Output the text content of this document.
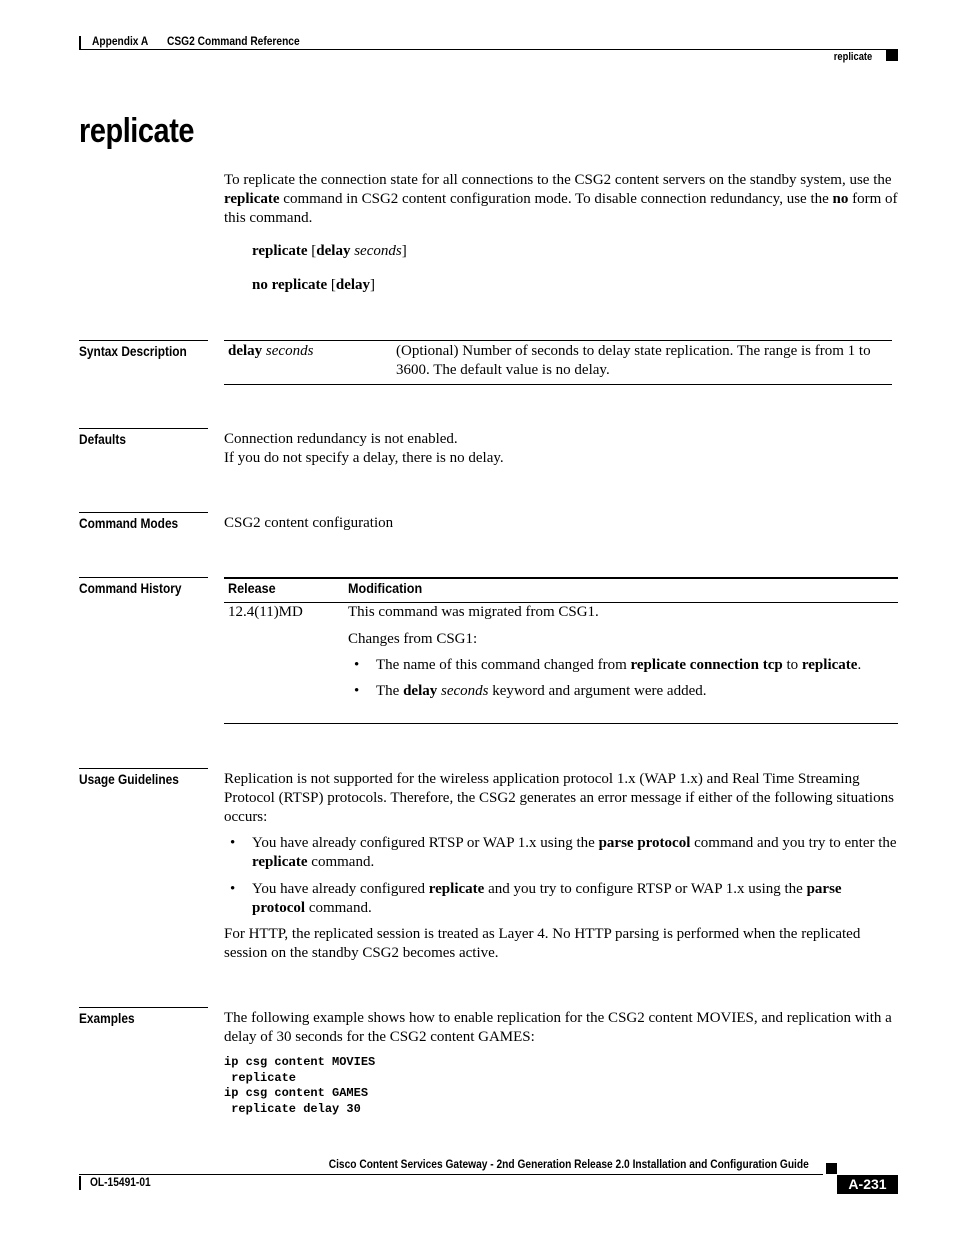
Appendix A CSG2 Command Reference
replicate
replicate
To replicate the connection state for all connections to the CSG2 content servers on the standby system, use the replicate command in CSG2 content configuration mode. To disable connection redundancy, use the no form of this command.
replicate [delay seconds]
no replicate [delay]
Syntax Description	delay seconds	(Optional) Number of seconds to delay state replication. The range is from 1 to 3600. The default value is no delay.
Defaults	Connection redundancy is not enabled.
If you do not specify a delay, there is no delay.
Command Modes	CSG2 content configuration
Command History	Release	Modification
12.4(11)MD	This command was migrated from CSG1.
Changes from CSG1:
• The name of this command changed from replicate connection tcp to replicate.
• The delay seconds keyword and argument were added.
Usage Guidelines	Replication is not supported for the wireless application protocol 1.x (WAP 1.x) and Real Time Streaming Protocol (RTSP) protocols. Therefore, the CSG2 generates an error message if either of the following situations occurs:
• You have already configured RTSP or WAP 1.x using the parse protocol command and you try to enter the replicate command.
• You have already configured replicate and you try to configure RTSP or WAP 1.x using the parse protocol command.
For HTTP, the replicated session is treated as Layer 4. No HTTP parsing is performed when the replicated session on the standby CSG2 becomes active.
Examples	The following example shows how to enable replication for the CSG2 content MOVIES, and replication with a delay of 30 seconds for the CSG2 content GAMES:
ip csg content MOVIES
replicate
ip csg content GAMES
replicate delay 30
Cisco Content Services Gateway - 2nd Generation Release 2.0 Installation and Configuration Guide
OL-15491-01	A-231
